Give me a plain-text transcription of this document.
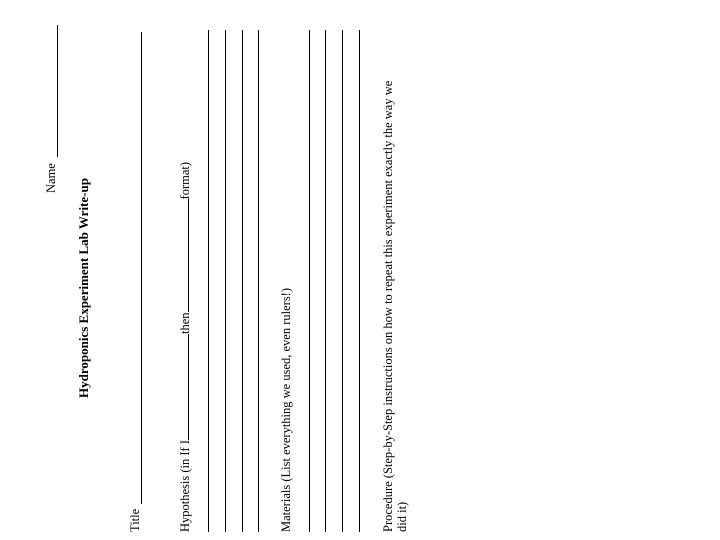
Name Hydroponics Experiment Lab Write-up
Title	Hypothesis (in If Ithenformat)
Materials (List everything we used, even rulers!)	Procedure (Step-by-Step instructions on how to repeat this experiment exactly the way we did it)
